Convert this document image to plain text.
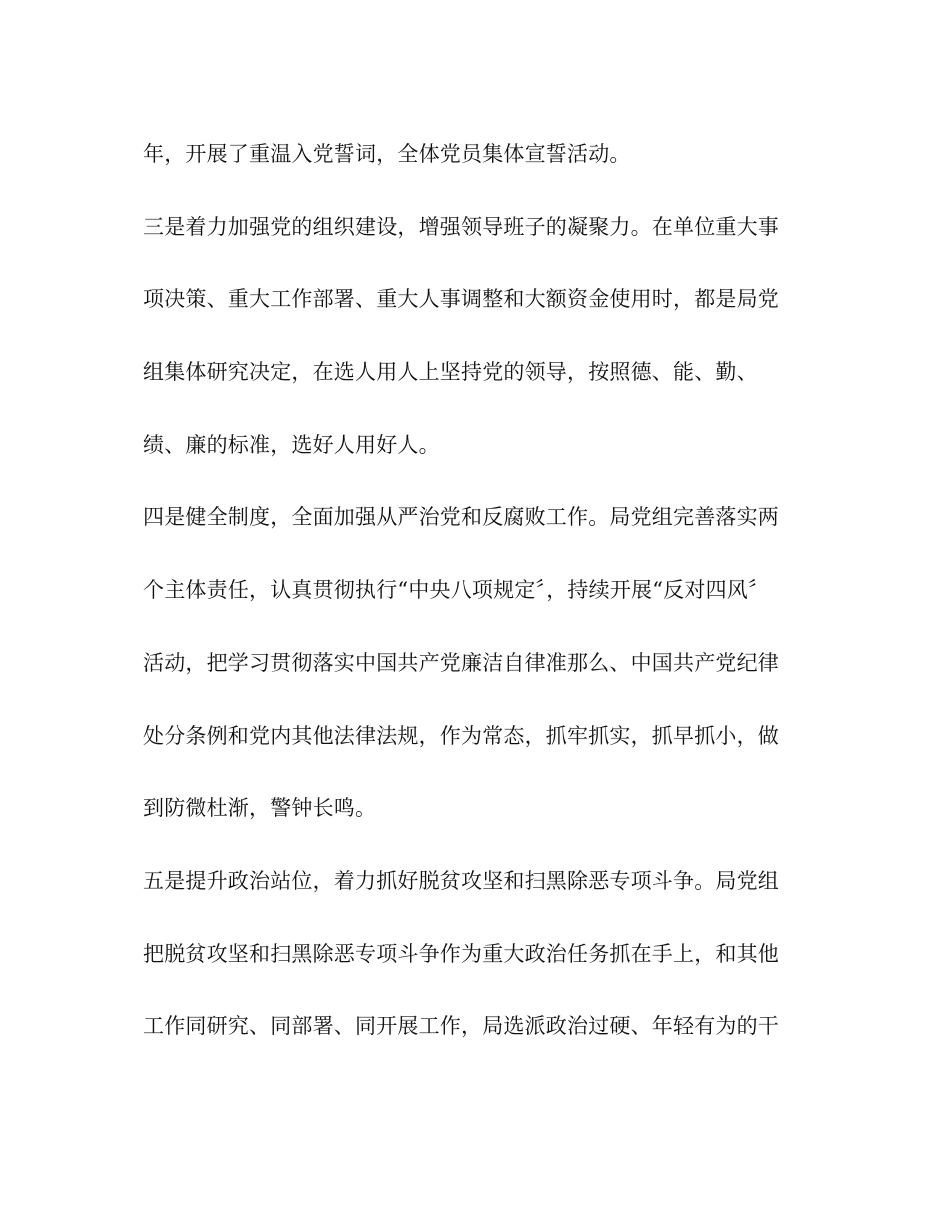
年，开展了重温入党誓词，全体党员集体宣誓活动。
三是着力加强党的组织建设，增强领导班子的凝聚力。在单位重大事
项决策、重大工作部署、重大人事调整和大额资金使用时，都是局党
组集体研究决定，在选人用人上坚持党的领导，按照德、能、勤、
绩、廉的标准，选好人用好人。
四是健全制度，全面加强从严治党和反腐败工作。局党组完善落实两
个主体责任，认真贯彻执行“中央八项规定〞，持续开展“反对四风〞
活动，把学习贯彻落实中国共产党廉洁自律准那么、中国共产党纪律
处分条例和党内其他法律法规，作为常态，抓牢抓实，抓早抓小，做
到防微杜渐，警钟长鸣。
五是提升政治站位，着力抓好脱贫攻坚和扫黑除恶专项斗争。局党组
把脱贫攻坚和扫黑除恶专项斗争作为重大政治任务抓在手上，和其他
工作同研究、同部署、同开展工作，局选派政治过硬、年轻有为的干
